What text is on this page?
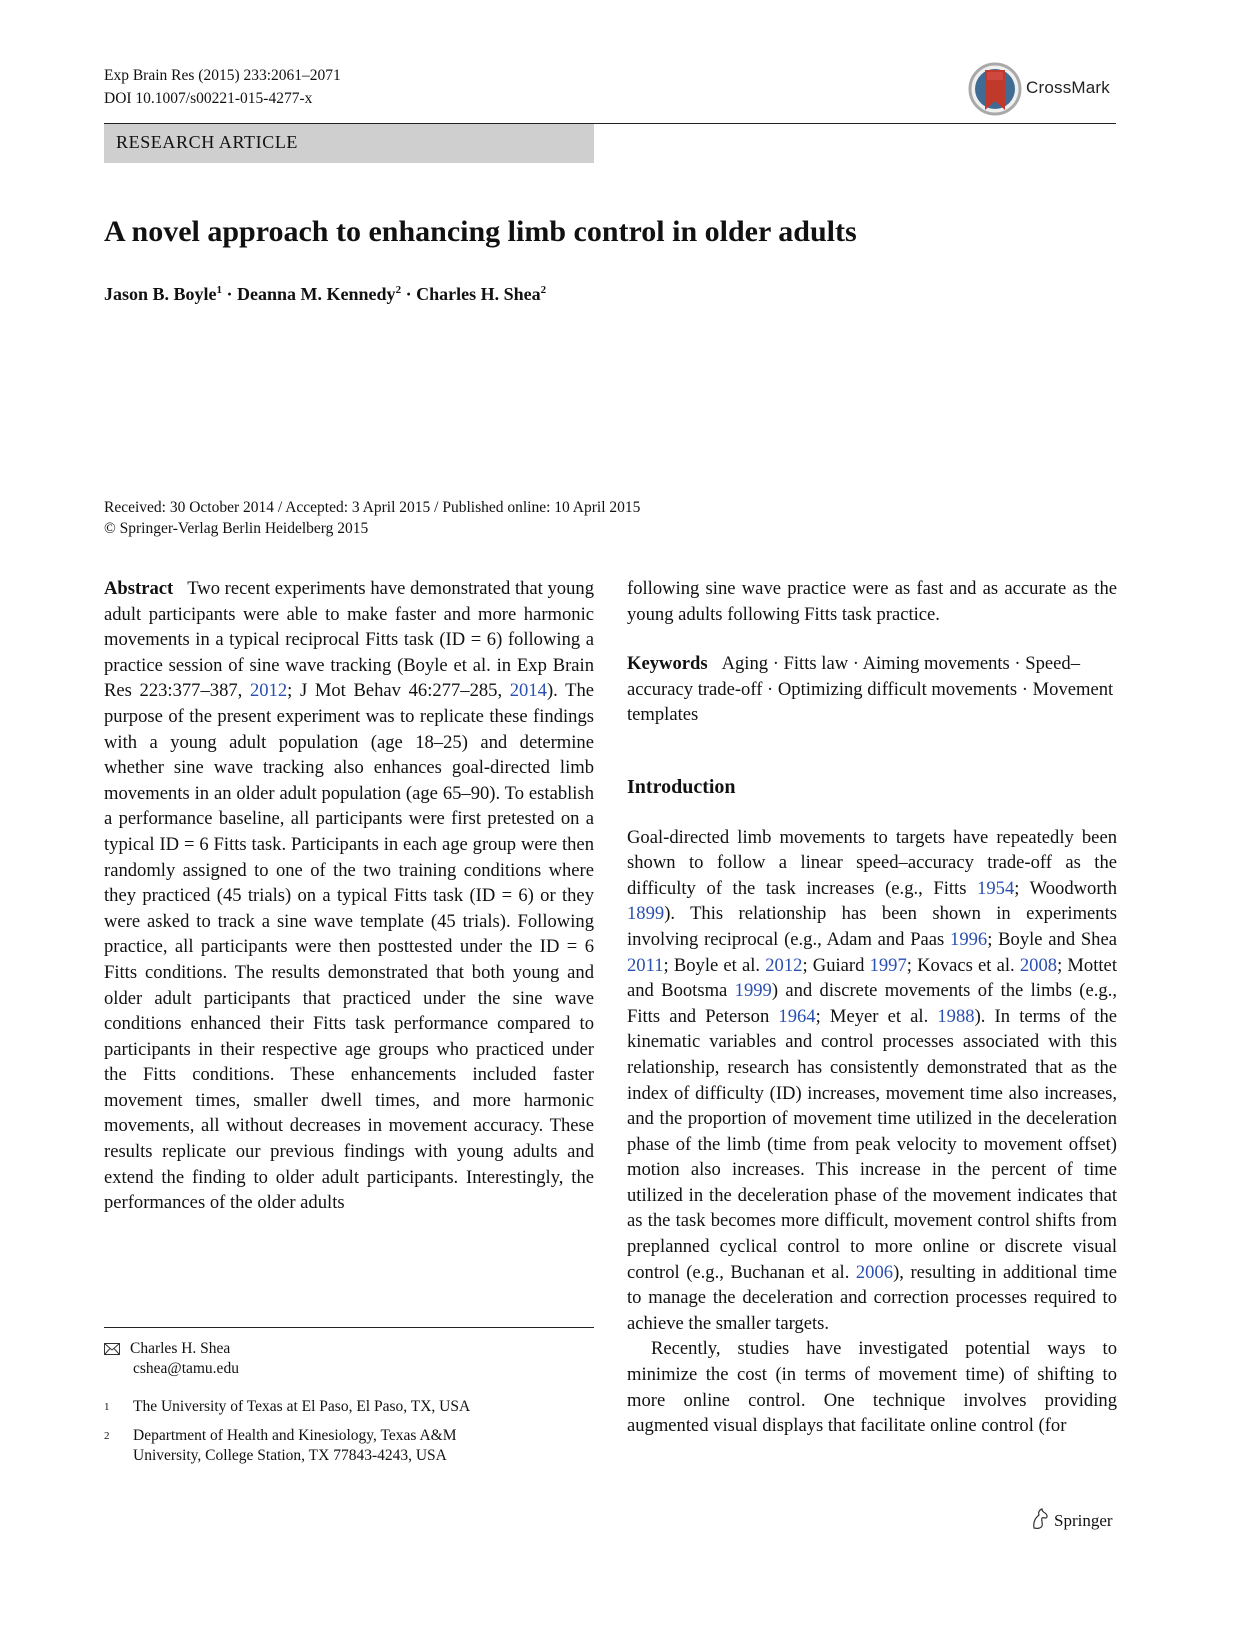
Exp Brain Res (2015) 233:2061–2071
DOI 10.1007/s00221-015-4277-x
CrossMark
RESEARCH ARTICLE
A novel approach to enhancing limb control in older adults
Jason B. Boyle$^1$ · Deanna M. Kennedy$^2$ · Charles H. Shea$^2$
Received: 30 October 2014 / Accepted: 3 April 2015 / Published online: 10 April 2015
© Springer-Verlag Berlin Heidelberg 2015

Abstract Two recent experiments have demonstrated that young adult participants were able to make faster and more harmonic movements in a typical reciprocal Fitts task (ID = 6) following a practice session of sine wave tracking (Boyle et al. in Exp Brain Res 223:377–387, 2012; J Mot Behav 46:277–285, 2014). The purpose of the present experiment was to replicate these findings with a young adult population (age 18–25) and determine whether sine wave tracking also enhances goal-directed limb movements in an older adult population (age 65–90). To establish a performance baseline, all participants were first pretested on a typical ID = 6 Fitts task. Participants in each age group were then randomly assigned to one of the two training conditions where they practiced (45 trials) on a typical Fitts task (ID = 6) or they were asked to track a sine wave template (45 trials). Following practice, all participants were then posttested under the ID = 6 Fitts conditions. The results demonstrated that both young and older adult participants that practiced under the sine wave conditions enhanced their Fitts task performance compared to participants in their respective age groups who practiced under the Fitts conditions. These enhancements included faster movement times, smaller dwell times, and more harmonic movements, all without decreases in movement accuracy. These results replicate our previous findings with young adults and extend the finding to older adult participants. Interestingly, the performances of the older adults

following sine wave practice were as fast and as accurate as the young adults following Fitts task practice.

Keywords Aging · Fitts law · Aiming movements · Speed–accuracy trade-off · Optimizing difficult movements · Movement templates

Introduction

Goal-directed limb movements to targets have repeatedly been shown to follow a linear speed–accuracy trade-off as the difficulty of the task increases (e.g., Fitts 1954; Woodworth 1899). This relationship has been shown in experiments involving reciprocal (e.g., Adam and Paas 1996; Boyle and Shea 2011; Boyle et al. 2012; Guiard 1997; Kovacs et al. 2008; Mottet and Bootsma 1999) and discrete movements of the limbs (e.g., Fitts and Peterson 1964; Meyer et al. 1988). In terms of the kinematic variables and control processes associated with this relationship, research has consistently demonstrated that as the index of difficulty (ID) increases, movement time also increases, and the proportion of movement time utilized in the deceleration phase of the limb (time from peak velocity to movement offset) motion also increases. This increase in the percent of time utilized in the deceleration phase of the movement indicates that as the task becomes more difficult, movement control shifts from preplanned cyclical control to more online or discrete visual control (e.g., Buchanan et al. 2006), resulting in additional time to manage the deceleration and correction processes required to achieve the smaller targets.

Recently, studies have investigated potential ways to minimize the cost (in terms of movement time) of shifting to more online control. One technique involves providing augmented visual displays that facilitate online control (for

Charles H. Shea
cshea@tamu.edu
1 The University of Texas at El Paso, El Paso, TX, USA
2 Department of Health and Kinesiology, Texas A&M
University, College Station, TX 77843-4243, USA
Springer
